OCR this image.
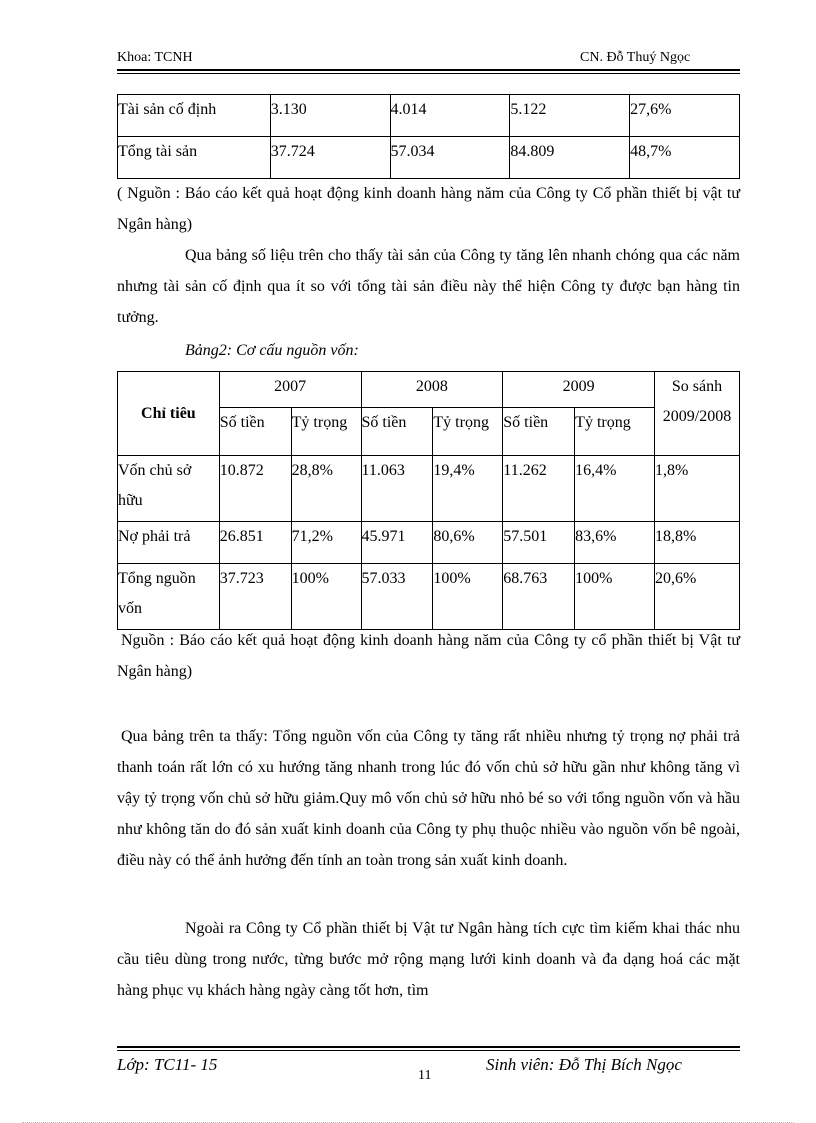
Khoa: TCNH	CN. Đỗ Thuý Ngọc
Tài sản cố định	3.130	4.014	5.122	27,6%
Tổng tài sản	37.724	57.034	84.809	48,7%

( Nguồn : Báo cáo kết quả hoạt động kinh doanh hàng năm của Công ty Cổ phần thiết bị vật tư Ngân hàng)

Qua bảng số liệu trên cho thấy tài sản của Công ty tăng lên nhanh chóng qua các năm nhưng tài sản cố định qua ít so với tổng tài sản điều này thể hiện Công ty được bạn hàng tin tưởng.

Bảng2: Cơ cấu nguồn vốn:
Chỉ tiêu	2007		2008		2009		So sánh 2009/2008
	Số tiền	Tỷ trọng	Số tiền	Tỷ trọng	Số tiền	Tỷ trọng	
Vốn chủ sở hữu	10.872	28,8%	11.063	19,4%	11.262	16,4%	1,8%
Nợ phải trả	26.851	71,2%	45.971	80,6%	57.501	83,6%	18,8%
Tổng nguồn vốn	37.723	100%	57.033	100%	68.763	100%	20,6%

Nguồn : Báo cáo kết quả hoạt động kinh doanh hàng năm của Công ty cổ phần thiết bị Vật tư Ngân hàng)

Qua bảng trên ta thấy: Tổng nguồn vốn của Công ty tăng rất nhiều nhưng tỷ trọng nợ phải trả thanh toán rất lớn có xu hướng tăng nhanh trong lúc đó vốn chủ sở hữu gần như không tăng vì vậy tỷ trọng vốn chủ sở hữu giảm.Quy mô vốn chủ sở hữu nhỏ bé so với tổng nguồn vốn và hầu như không tăn do đó sản xuất kinh doanh của Công ty phụ thuộc nhiều vào nguồn vốn bê ngoài, điều này có thể ảnh hưởng đến tính an toàn trong sản xuất kinh doanh.

Ngoài ra Công ty Cổ phần thiết bị Vật tư Ngân hàng tích cực tìm kiếm khai thác nhu cầu tiêu dùng trong nước, từng bước mở rộng mạng lưới kinh doanh và đa dạng hoá các mặt hàng phục vụ khách hàng ngày càng tốt hơn, tìm

Lớp: TC11- 15
11
Sinh viên: Đỗ Thị Bích Ngọc
